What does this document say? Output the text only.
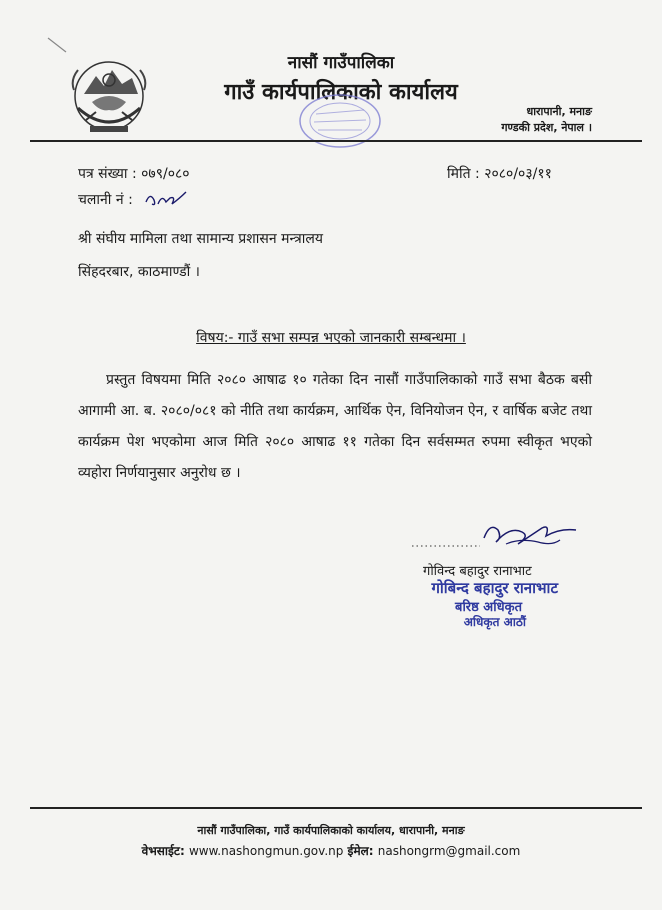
नासौं गाउँपालिका
गाउँ कार्यपालिकाको कार्यालय
धारापानी, मनाङ
गण्डकी प्रदेश, नेपाल ।
पत्र संख्या : ०७९/०८०	मिति : २०८०/०३/११
चलानी नं :
श्री संघीय मामिला तथा सामान्य प्रशासन मन्त्रालय
सिंहदरबार, काठमाण्डौं ।
विषय:- गाउँ सभा सम्पन्न भएको जानकारी सम्बन्धमा ।
प्रस्तुत विषयमा मिति २०८० आषाढ १० गतेका दिन नासौं गाउँपालिकाको गाउँ सभा बैठक बसी आगामी आ. ब. २०८०/०८१ को नीति तथा कार्यक्रम, आर्थिक ऐन, विनियोजन ऐन, र वार्षिक बजेट तथा कार्यक्रम पेश भएकोमा आज मिति २०८० आषाढ ११ गतेका दिन सर्वसम्मत रुपमा स्वीकृत भएको व्यहोरा निर्णयानुसार अनुरोध छ ।
गोविन्द बहादुर रानाभाट
गोबिन्द बहादुर रानाभाट
बरिष्ठ अधिकृत
अधिकृत आठौं
नासौं गाउँपालिका, गाउँ कार्यपालिकाको कार्यालय, धारापानी, मनाङ
वेभसाईट: www.nashongmun.gov.np ईमेल: nashongrm@gmail.com
